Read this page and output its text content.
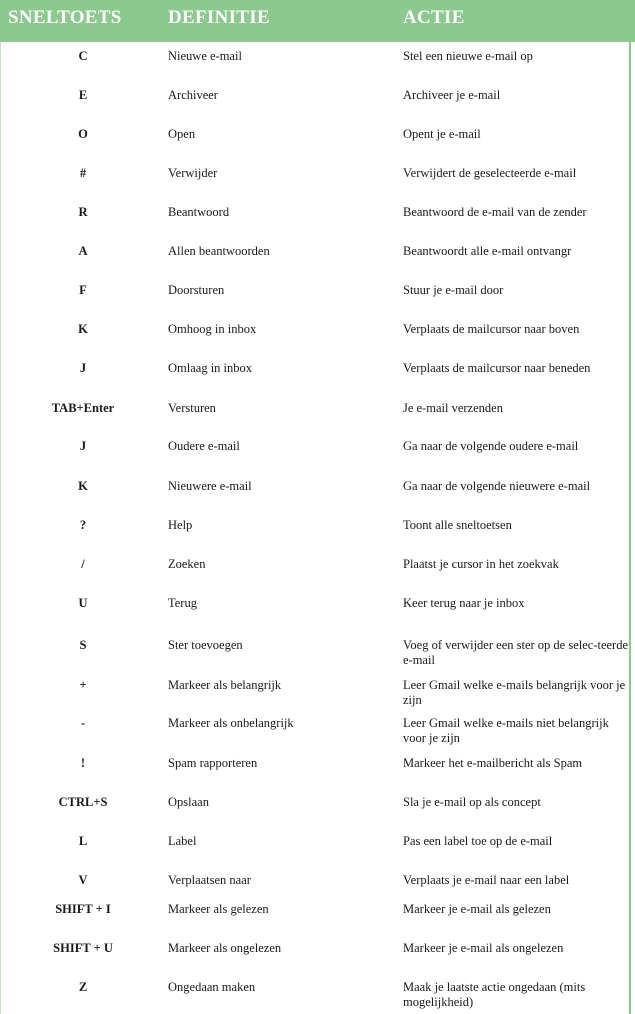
SNELTOETS DEFINITIE	ACTIE
C	Nieuwe e-mail	Stel een nieuwe e-mail op
E	Archiveer	Archiveer je e-mail
O	Open	Opent je e-mail
#	Verwijder	Verwijdert de geselecteerde e-mail
R	Beantwoord	Beantwoord de e-mail van de zender
A	Allen beantwoorden	Beantwoordt alle e-mail ontvangr
F	Doorsturen	Stuur je e-mail door
K	Omhoog in inbox	Verplaats de mailcursor naar boven
J	Omlaag in inbox	Verplaats de mailcursor naar beneden
TAB+Enter	Versturen	Je e-mail verzenden
J	Oudere e-mail	Ga naar de volgende oudere e-mail
K	Nieuwere e-mail	Ga naar de volgende nieuwere e-mail
?	Help	Toont alle sneltoetsen
/	Zoeken	Plaatst je cursor in het zoekvak
U	Terug	Keer terug naar je inbox
S	Ster toevoegen	Voeg of verwijder een ster op de selec-teerde e-mail
+	Markeer als belangrijk	Leer Gmail welke e-mails belangrijk voor je zijn
-	Markeer als onbelangrijk	Leer Gmail welke e-mails niet belangrijk voor je zijn
!	Spam rapporteren	Markeer het e-mailbericht als Spam
CTRL+S	Opslaan	Sla je e-mail op als concept
L	Label	Pas een label toe op de e-mail
V	Verplaatsen naar	Verplaats je e-mail naar een label
SHIFT + I	Markeer als gelezen	Markeer je e-mail als gelezen
SHIFT + U	Markeer als ongelezen	Markeer je e-mail als ongelezen
Z	Ongedaan maken	Maak je laatste actie ongedaan (mits mogelijkheid)
